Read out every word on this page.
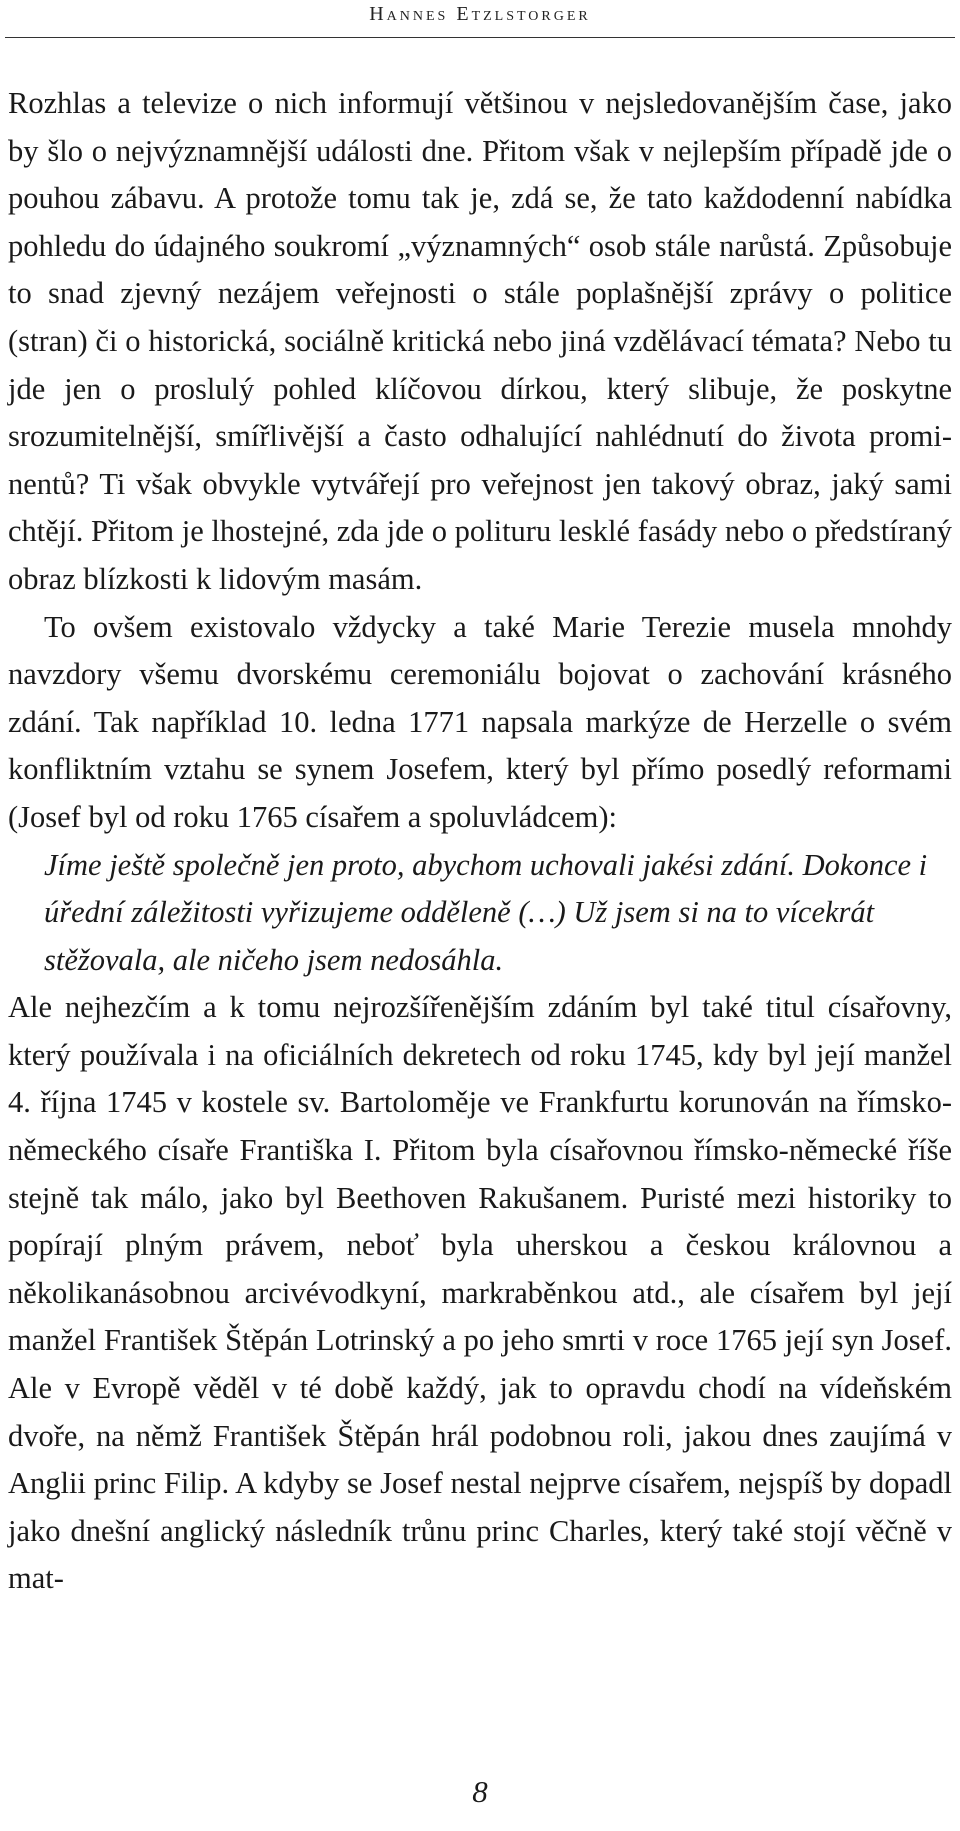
Hannes Etzlstorger

Rozhlas a televize o nich informují většinou v nejsledovanějším čase, jako by šlo o nejvýznamnější události dne. Přitom však v nejlepším případě jde o pouhou zábavu. A protože tomu tak je, zdá se, že tato každodenní nabídka pohledu do údajného soukromí „významných“ osob stále narůstá. Způsobuje to snad zjevný nezájem veřejnosti o stále poplašnější zprávy o politice (stran) či o historická, sociálně kritická nebo jiná vzdělávací témata? Nebo tu jde jen o proslulý pohled klíčovou dírkou, který slibuje, že poskytne srozumitelnější, smířlivější a často odhalující nahlédnutí do života prominentů? Ti však obvykle vytvářejí pro veřejnost jen takový obraz, jaký sami chtějí. Přitom je lhostejné, zda jde o polituru lesklé fasády nebo o předstíraný obraz blízkosti k lidovým masám.

To ovšem existovalo vždycky a také Marie Terezie musela mnohdy navzdory všemu dvorskému ceremoniálu bojovat o zachování krásného zdání. Tak například 10. ledna 1771 napsala markýze de Herzelle o svém konfliktním vztahu se synem Josefem, který byl přímo posedlý reformami (Josef byl od roku 1765 císařem a spoluvládcem):

Jíme ještě společně jen proto, abychom uchovali jakési zdání. Dokonce i úřední záležitosti vyřizujeme odděleně (…) Už jsem si na to vícekrát stěžovala, ale ničeho jsem nedosáhla.

Ale nejhezčím a k tomu nejrozšířenějším zdáním byl také titul císařovny, který používala i na oficiálních dekretech od roku 1745, kdy byl její manžel 4. října 1745 v kostele sv. Bartoloměje ve Frankfurtu korunován na římsko-německého císaře Františka I. Přitom byla císařovnou římsko-německé říše stejně tak málo, jako byl Beethoven Rakušanem. Puristé mezi historiky to popírají plným právem, neboť byla uherskou a českou královnou a několikanásobnou arcivévodkyní, markraběnkou atd., ale císařem byl její manžel František Štěpán Lotrinský a po jeho smrti v roce 1765 její syn Josef. Ale v Evropě věděl v té době každý, jak to opravdu chodí na vídeňském dvoře, na němž František Štěpán hrál podobnou roli, jakou dnes zaujímá v Anglii princ Filip. A kdyby se Josef nestal nejprve císařem, nejspíš by dopadl jako dnešní anglický následník trůnu princ Charles, který také stojí věčně v mat-

8
